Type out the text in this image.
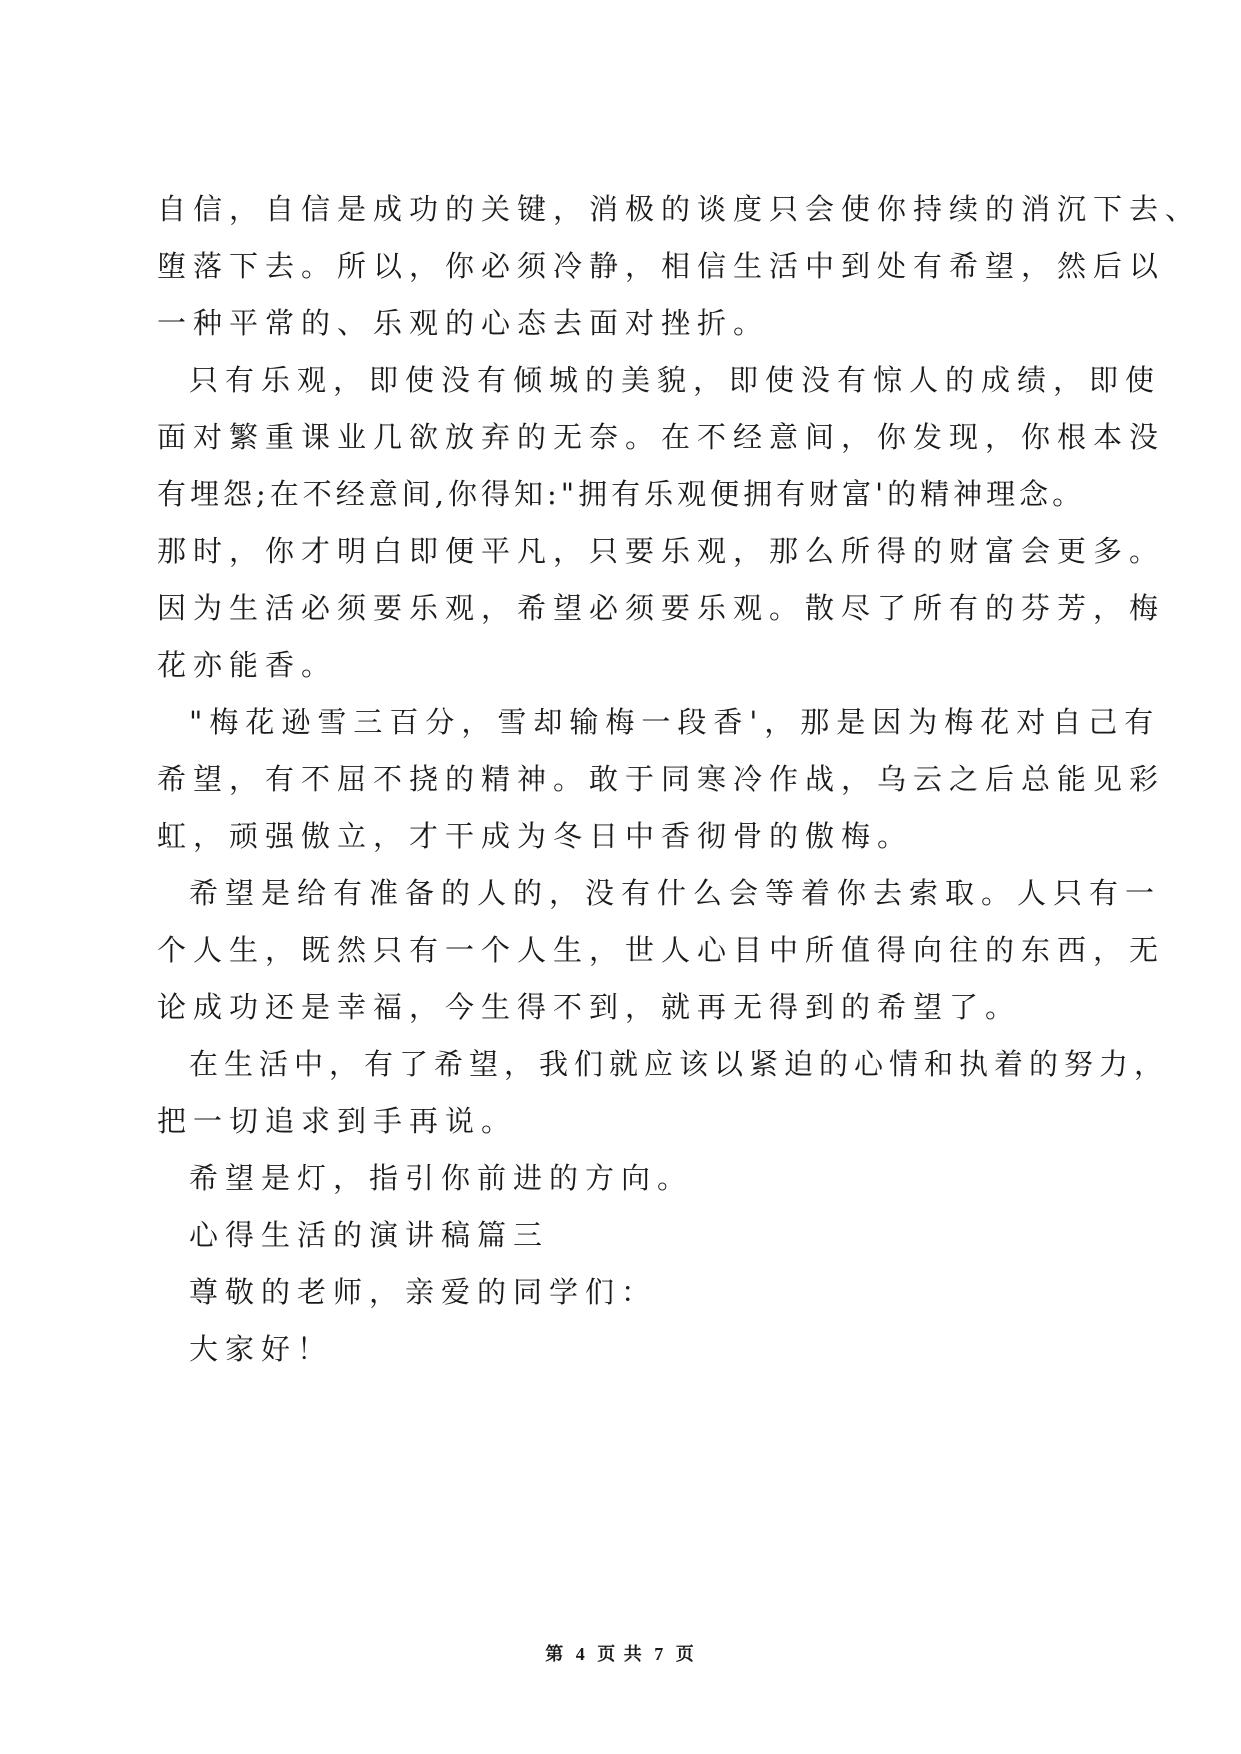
自信，自信是成功的关键，消极的谈度只会使你持续的消沉下去、
堕落下去。所以，你必须冷静，相信生活中到处有希望，然后以
一种平常的、乐观的心态去面对挫折。
只有乐观，即使没有倾城的美貌，即使没有惊人的成绩，即使
面对繁重课业几欲放弃的无奈。在不经意间，你发现，你根本没
有埋怨;在不经意间,你得知:"拥有乐观便拥有财富'的精神理念。
那时，你才明白即便平凡，只要乐观，那么所得的财富会更多。
因为生活必须要乐观，希望必须要乐观。散尽了所有的芬芳，梅
花亦能香。
"梅花逊雪三百分，雪却输梅一段香'，那是因为梅花对自己有
希望，有不屈不挠的精神。敢于同寒冷作战，乌云之后总能见彩
虹，顽强傲立，才干成为冬日中香彻骨的傲梅。
希望是给有准备的人的，没有什么会等着你去索取。人只有一
个人生，既然只有一个人生，世人心目中所值得向往的东西，无
论成功还是幸福，今生得不到，就再无得到的希望了。
在生活中，有了希望，我们就应该以紧迫的心情和执着的努力，
把一切追求到手再说。
希望是灯，指引你前进的方向。
心得生活的演讲稿篇三
尊敬的老师，亲爱的同学们：
大家好！
第 4 页 共 7 页
